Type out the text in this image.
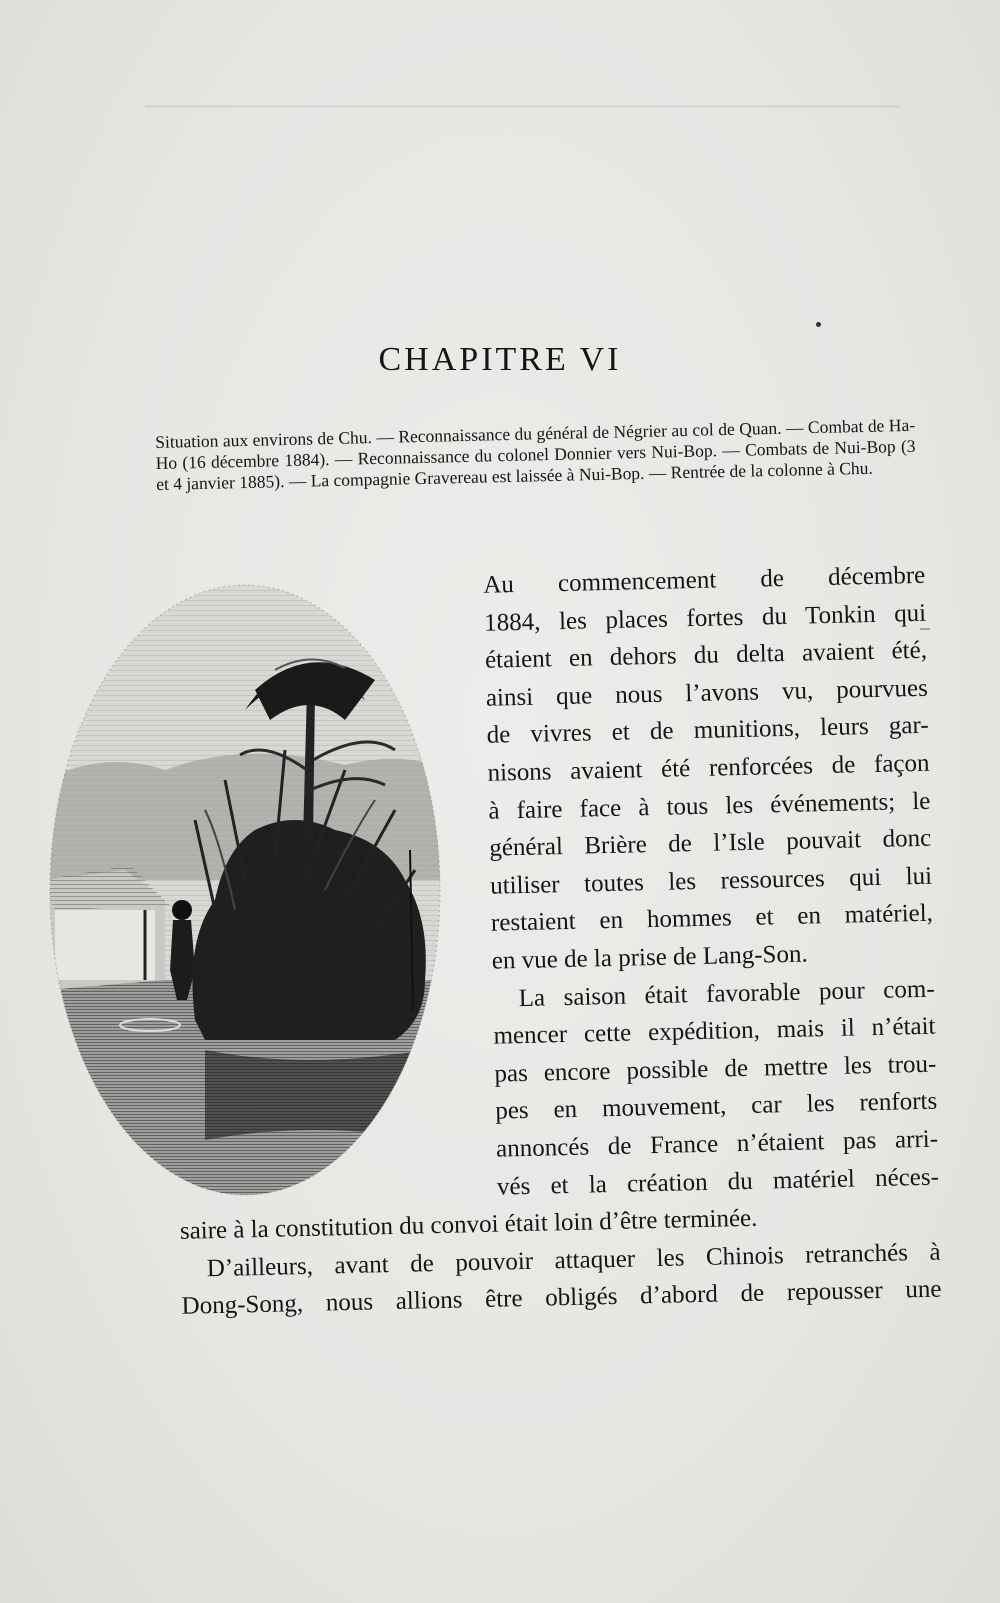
CHAPITRE VI
Situation aux environs de Chu. — Reconnaissance du général de Négrier au col de Quan. — Combat de Ha-Ho (16 décembre 1884). — Reconnaissance du colonel Donnier vers Nui-Bop. — Combats de Nui-Bop (3 et 4 janvier 1885). — La compagnie Gravereau est laissée à Nui-Bop. — Rentrée de la colonne à Chu.
Au commencement de décembre
1884, les places fortes du Tonkin qui
étaient en dehors du delta avaient été,
ainsi que nous l’avons vu, pourvues
de vivres et de munitions, leurs gar-
nisons avaient été renforcées de façon
à faire face à tous les événements; le
général Brière de l’Isle pouvait donc
utiliser toutes les ressources qui lui
restaient en hommes et en matériel,
en vue de la prise de Lang-Son.
La saison était favorable pour com-
mencer cette expédition, mais il n’était
pas encore possible de mettre les trou-
pes en mouvement, car les renforts
annoncés de France n’étaient pas arri-
vés et la création du matériel néces-
saire à la constitution du convoi était loin d’être terminée.
D’ailleurs, avant de pouvoir attaquer les Chinois retranchés à
Dong-Song, nous allions être obligés d’abord de repousser une
